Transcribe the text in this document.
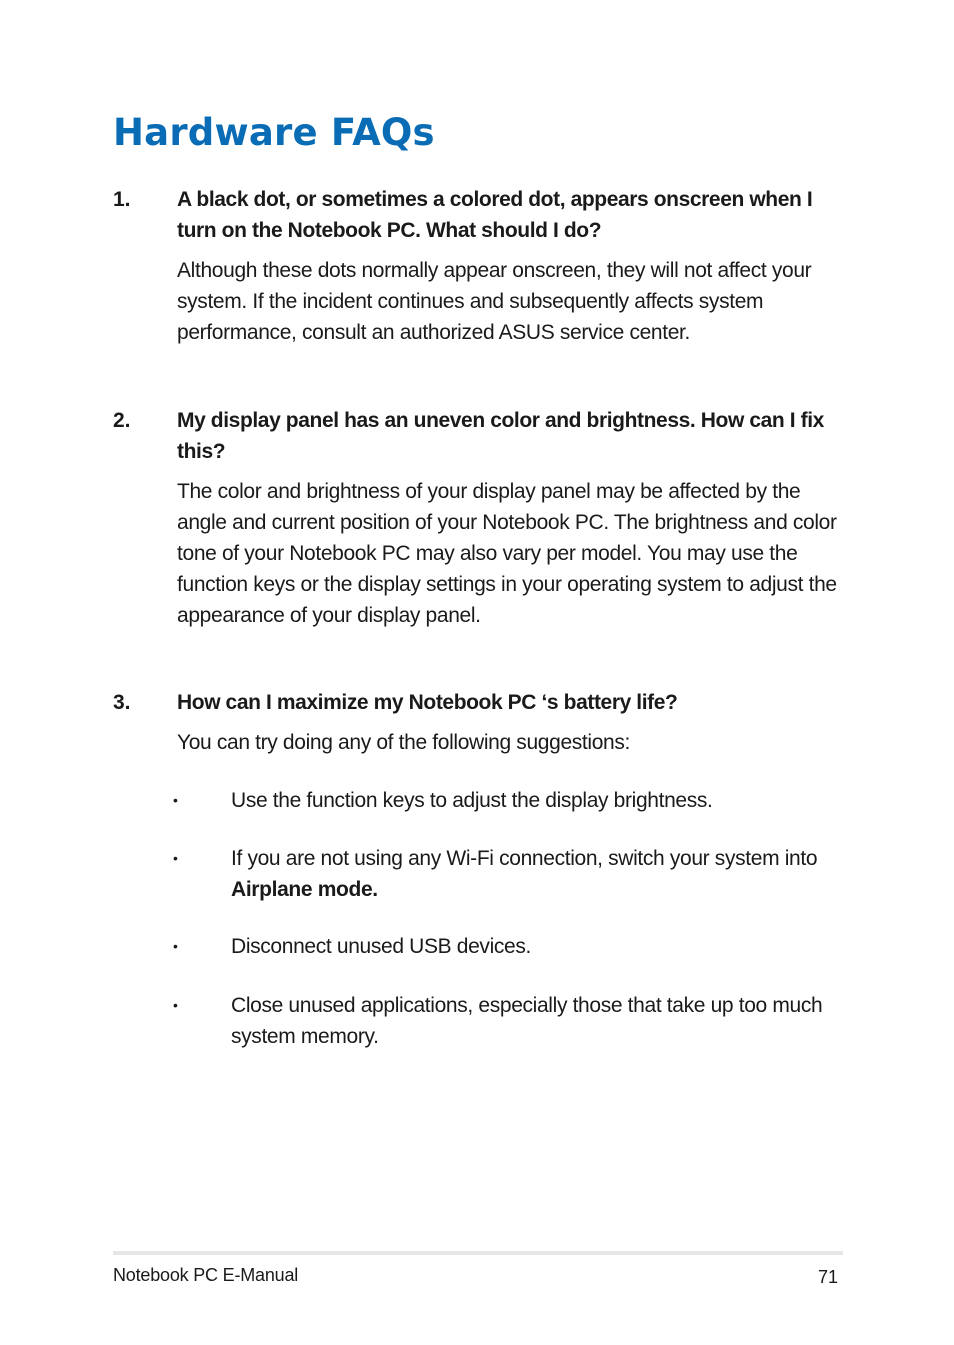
Hardware FAQs
1. A black dot, or sometimes a colored dot, appears onscreen when I turn on the Notebook PC. What should I do?

Although these dots normally appear onscreen, they will not affect your system. If the incident continues and subsequently affects system performance, consult an authorized ASUS service center.

2. My display panel has an uneven color and brightness. How can I fix this?

The color and brightness of your display panel may be affected by the angle and current position of your Notebook PC. The brightness and color tone of your Notebook PC may also vary per model. You may use the function keys or the display settings in your operating system to adjust the appearance of your display panel.

3. How can I maximize my Notebook PC ‘s battery life?

You can try doing any of the following suggestions:

•	Use the function keys to adjust the display brightness.
•	If you are not using any Wi-Fi connection, switch your system into Airplane mode.
•	Disconnect unused USB devices.
•	Close unused applications, especially those that take up too much system memory.
Notebook PC E-Manual	71
